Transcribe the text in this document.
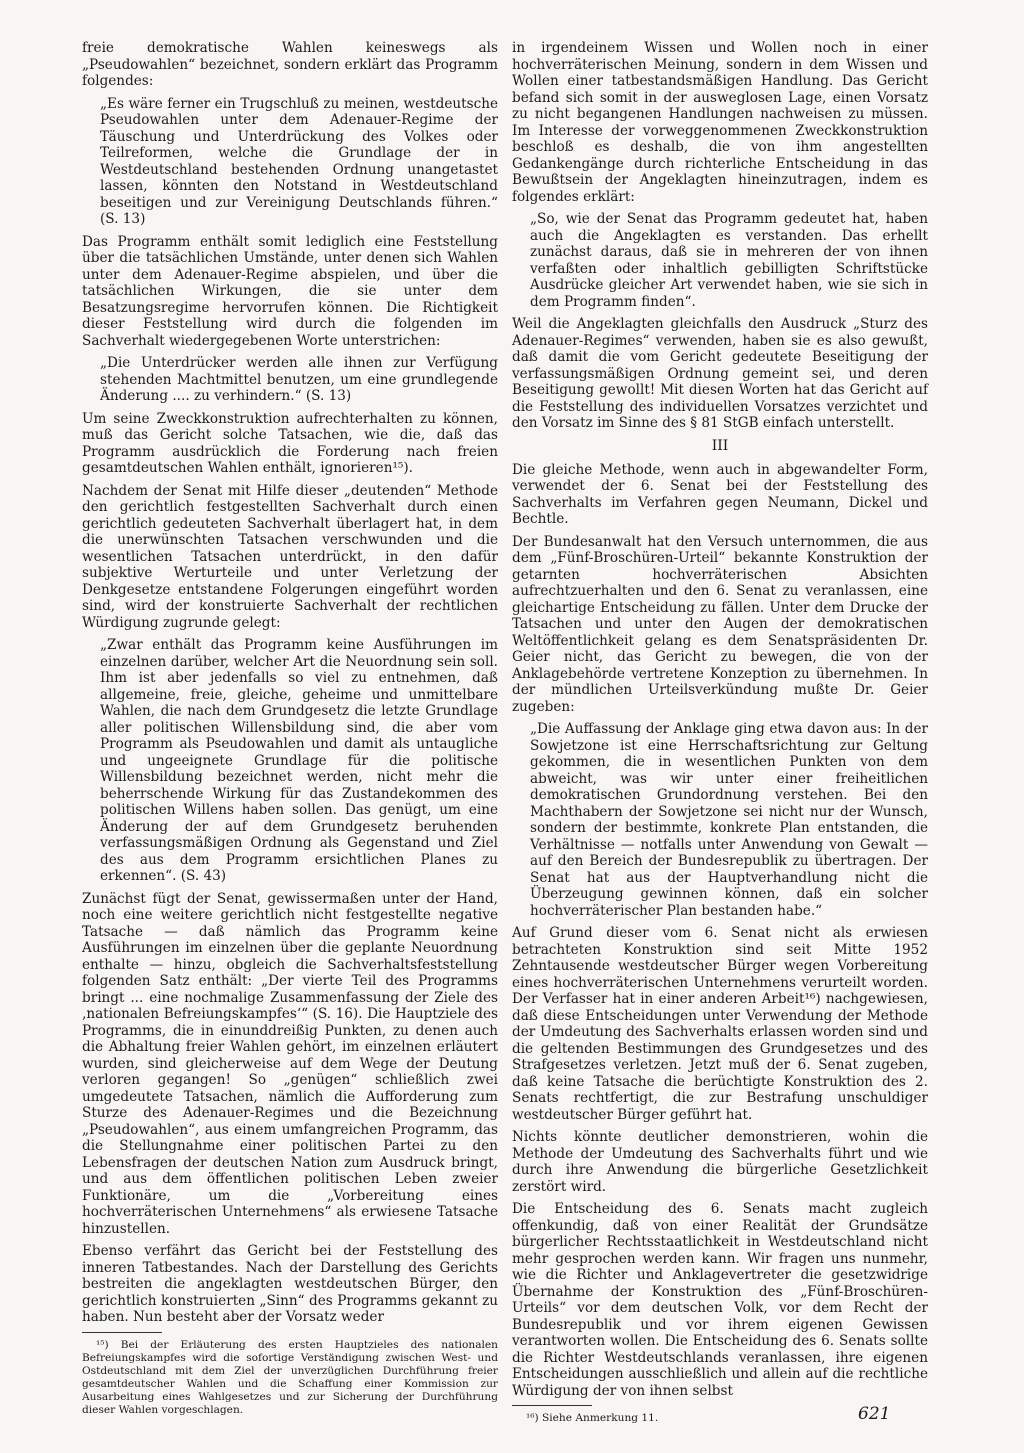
freie demokratische Wahlen keineswegs als „Pseudowahlen“ bezeichnet, sondern erklärt das Programm folgendes:

„Es wäre ferner ein Trugschluß zu meinen, westdeutsche Pseudowahlen unter dem Adenauer-Regime der Täuschung und Unterdrückung des Volkes oder Teilreformen, welche die Grundlage der in Westdeutschland bestehenden Ordnung unangetastet lassen, könnten den Notstand in Westdeutschland beseitigen und zur Vereinigung Deutschlands führen.“ (S. 13)

Das Programm enthält somit lediglich eine Feststellung über die tatsächlichen Umstände, unter denen sich Wahlen unter dem Adenauer-Regime abspielen, und über die tatsächlichen Wirkungen, die sie unter dem Besatzungsregime hervorrufen können. Die Richtigkeit dieser Feststellung wird durch die folgenden im Sachverhalt wiedergegebenen Worte unterstrichen:

„Die Unterdrücker werden alle ihnen zur Verfügung stehenden Machtmittel benutzen, um eine grundlegende Änderung .... zu verhindern.“ (S. 13)

Um seine Zweckkonstruktion aufrechterhalten zu können, muß das Gericht solche Tatsachen, wie die, daß das Programm ausdrücklich die Forderung nach freien gesamtdeutschen Wahlen enthält, ignorieren¹⁵).

Nachdem der Senat mit Hilfe dieser „deutenden“ Methode den gerichtlich festgestellten Sachverhalt durch einen gerichtlich gedeuteten Sachverhalt überlagert hat, in dem die unerwünschten Tatsachen verschwunden und die wesentlichen Tatsachen unterdrückt, in den dafür subjektive Werturteile und unter Verletzung der Denkgesetze entstandene Folgerungen eingeführt worden sind, wird der konstruierte Sachverhalt der rechtlichen Würdigung zugrunde gelegt:

„Zwar enthält das Programm keine Ausführungen im einzelnen darüber, welcher Art die Neuordnung sein soll. Ihm ist aber jedenfalls so viel zu entnehmen, daß allgemeine, freie, gleiche, geheime und unmittelbare Wahlen, die nach dem Grundgesetz die letzte Grundlage aller politischen Willensbildung sind, die aber vom Programm als Pseudowahlen und damit als untaugliche und ungeeignete Grundlage für die politische Willensbildung bezeichnet werden, nicht mehr die beherrschende Wirkung für das Zustandekommen des politischen Willens haben sollen. Das genügt, um eine Änderung der auf dem Grundgesetz beruhenden verfassungsmäßigen Ordnung als Gegenstand und Ziel des aus dem Programm ersichtlichen Planes zu erkennen“. (S. 43)

Zunächst fügt der Senat, gewissermaßen unter der Hand, noch eine weitere gerichtlich nicht festgestellte negative Tatsache — daß nämlich das Programm keine Ausführungen im einzelnen über die geplante Neuordnung enthalte — hinzu, obgleich die Sachverhaltsfeststellung folgenden Satz enthält: „Der vierte Teil des Programms bringt ... eine nochmalige Zusammenfassung der Ziele des ‚nationalen Befreiungskampfes‘“ (S. 16). Die Hauptziele des Programms, die in einunddreißig Punkten, zu denen auch die Abhaltung freier Wahlen gehört, im einzelnen erläutert wurden, sind gleicherweise auf dem Wege der Deutung verloren gegangen! So „genügen“ schließlich zwei umgedeutete Tatsachen, nämlich die Aufforderung zum Sturze des Adenauer-Regimes und die Bezeichnung „Pseudowahlen“, aus einem umfangreichen Programm, das die Stellungnahme einer politischen Partei zu den Lebensfragen der deutschen Nation zum Ausdruck bringt, und aus dem öffentlichen politischen Leben zweier Funktionäre, um die „Vorbereitung eines hochverräterischen Unternehmens“ als erwiesene Tatsache hinzustellen.

Ebenso verfährt das Gericht bei der Feststellung des inneren Tatbestandes. Nach der Darstellung des Gerichts bestreiten die angeklagten westdeutschen Bürger, den gerichtlich konstruierten „Sinn“ des Programms gekannt zu haben. Nun besteht aber der Vorsatz weder

¹⁵) Bei der Erläuterung des ersten Hauptzieles des nationalen Befreiungskampfes wird die sofortige Verständigung zwischen West- und Ostdeutschland mit dem Ziel der unverzüglichen Durchführung freier gesamtdeutscher Wahlen und die Schaffung einer Kommission zur Ausarbeitung eines Wahlgesetzes und zur Sicherung der Durchführung dieser Wahlen vorgeschlagen.

in irgendeinem Wissen und Wollen noch in einer hochverräterischen Meinung, sondern in dem Wissen und Wollen einer tatbestandsmäßigen Handlung. Das Gericht befand sich somit in der ausweglosen Lage, einen Vorsatz zu nicht begangenen Handlungen nachweisen zu müssen. Im Interesse der vorweggenommenen Zweckkonstruktion beschloß es deshalb, die von ihm angestellten Gedankengänge durch richterliche Entscheidung in das Bewußtsein der Angeklagten hineinzutragen, indem es folgendes erklärt:

„So, wie der Senat das Programm gedeutet hat, haben auch die Angeklagten es verstanden. Das erhellt zunächst daraus, daß sie in mehreren der von ihnen verfaßten oder inhaltlich gebilligten Schriftstücke Ausdrücke gleicher Art verwendet haben, wie sie sich in dem Programm finden“.

Weil die Angeklagten gleichfalls den Ausdruck „Sturz des Adenauer-Regimes“ verwenden, haben sie es also gewußt, daß damit die vom Gericht gedeutete Beseitigung der verfassungsmäßigen Ordnung gemeint sei, und deren Beseitigung gewollt! Mit diesen Worten hat das Gericht auf die Feststellung des individuellen Vorsatzes verzichtet und den Vorsatz im Sinne des § 81 StGB einfach unterstellt.

III

Die gleiche Methode, wenn auch in abgewandelter Form, verwendet der 6. Senat bei der Feststellung des Sachverhalts im Verfahren gegen Neumann, Dickel und Bechtle.

Der Bundesanwalt hat den Versuch unternommen, die aus dem „Fünf-Broschüren-Urteil“ bekannte Konstruktion der getarnten hochverräterischen Absichten aufrechtzuerhalten und den 6. Senat zu veranlassen, eine gleichartige Entscheidung zu fällen. Unter dem Drucke der Tatsachen und unter den Augen der demokratischen Weltöffentlichkeit gelang es dem Senatspräsidenten Dr. Geier nicht, das Gericht zu bewegen, die von der Anklagebehörde vertretene Konzeption zu übernehmen. In der mündlichen Urteilsverkündung mußte Dr. Geier zugeben:

„Die Auffassung der Anklage ging etwa davon aus: In der Sowjetzone ist eine Herrschaftsrichtung zur Geltung gekommen, die in wesentlichen Punkten von dem abweicht, was wir unter einer freiheitlichen demokratischen Grundordnung verstehen. Bei den Machthabern der Sowjetzone sei nicht nur der Wunsch, sondern der bestimmte, konkrete Plan entstanden, die Verhältnisse — notfalls unter Anwendung von Gewalt — auf den Bereich der Bundesrepublik zu übertragen. Der Senat hat aus der Hauptverhandlung nicht die Überzeugung gewinnen können, daß ein solcher hochverräterischer Plan bestanden habe.“

Auf Grund dieser vom 6. Senat nicht als erwiesen betrachteten Konstruktion sind seit Mitte 1952 Zehntausende westdeutscher Bürger wegen Vorbereitung eines hochverräterischen Unternehmens verurteilt worden. Der Verfasser hat in einer anderen Arbeit¹⁶) nachgewiesen, daß diese Entscheidungen unter Verwendung der Methode der Umdeutung des Sachverhalts erlassen worden sind und die geltenden Bestimmungen des Grundgesetzes und des Strafgesetzes verletzen. Jetzt muß der 6. Senat zugeben, daß keine Tatsache die berüchtigte Konstruktion des 2. Senats rechtfertigt, die zur Bestrafung unschuldiger westdeutscher Bürger geführt hat.

Nichts könnte deutlicher demonstrieren, wohin die Methode der Umdeutung des Sachverhalts führt und wie durch ihre Anwendung die bürgerliche Gesetzlichkeit zerstört wird.

Die Entscheidung des 6. Senats macht zugleich offenkundig, daß von einer Realität der Grundsätze bürgerlicher Rechtsstaatlichkeit in Westdeutschland nicht mehr gesprochen werden kann. Wir fragen uns nunmehr, wie die Richter und Anklagevertreter die gesetzwidrige Übernahme der Konstruktion des „Fünf-Broschüren-Urteils“ vor dem deutschen Volk, vor dem Recht der Bundesrepublik und vor ihrem eigenen Gewissen verantworten wollen. Die Entscheidung des 6. Senats sollte die Richter Westdeutschlands veranlassen, ihre eigenen Entscheidungen ausschließlich und allein auf die rechtliche Würdigung der von ihnen selbst

¹⁶) Siehe Anmerkung 11.	621
